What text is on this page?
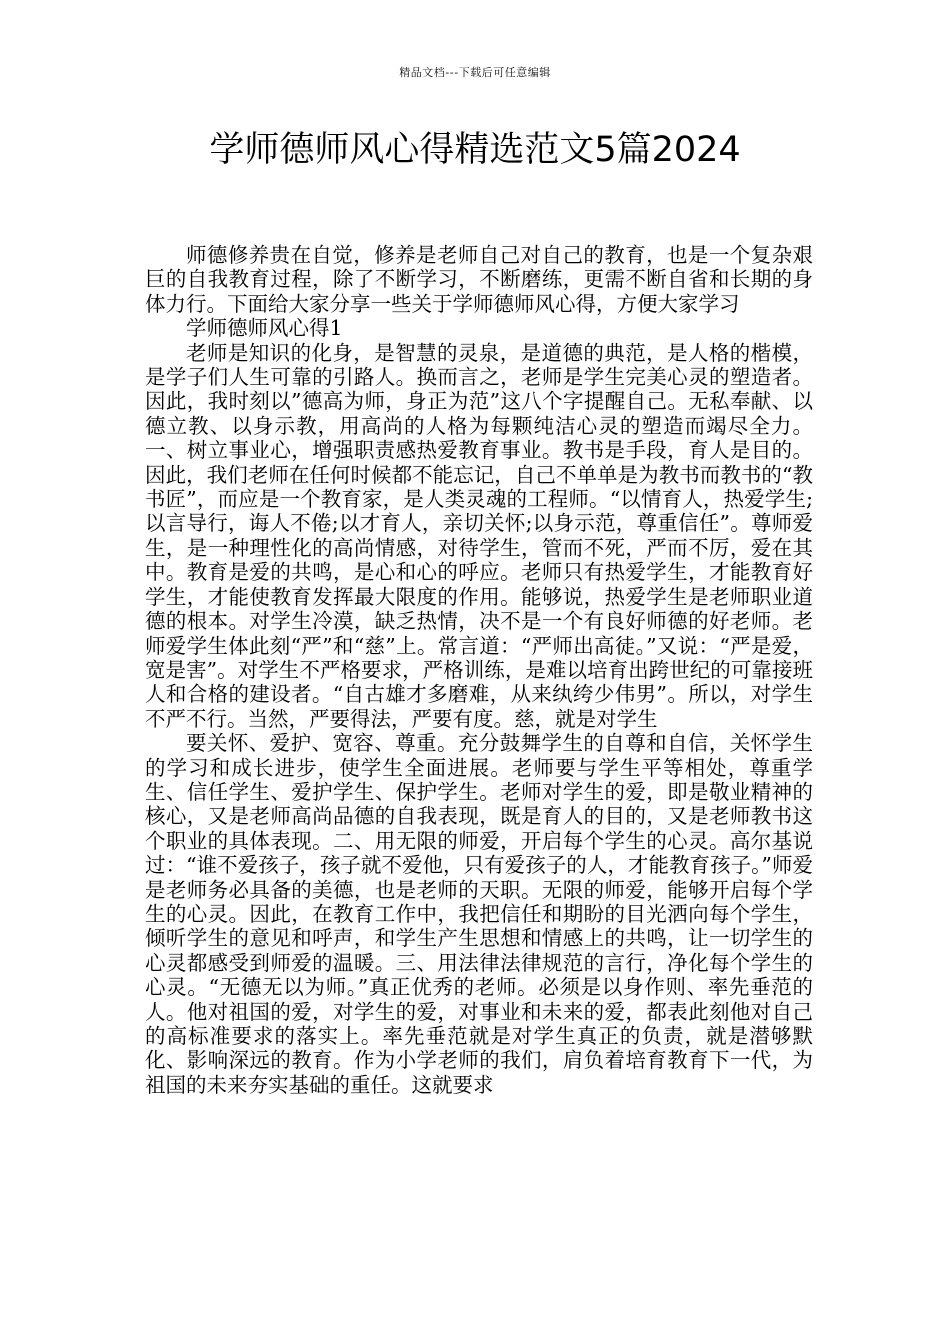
精品文档---下载后可任意编辑
学师德师风心得精选范文5篇2024

师德修养贵在自觉，修养是老师自己对自己的教育，也是一个复杂艰巨的自我教育过程，除了不断学习，不断磨练，更需不断自省和长期的身体力行。下面给大家分享一些关于学师德师风心得，方便大家学习

学师德师风心得1

老师是知识的化身，是智慧的灵泉，是道德的典范，是人格的楷模，是学子们人生可靠的引路人。换而言之，老师是学生完美心灵的塑造者。因此，我时刻以”德高为师，身正为范”这八个字提醒自己。无私奉献、以德立教、以身示教，用高尚的人格为每颗纯洁心灵的塑造而竭尽全力。一、树立事业心，增强职责感热爱教育事业。教书是手段，育人是目的。因此，我们老师在任何时候都不能忘记，自己不单单是为教书而教书的“教书匠”，而应是一个教育家，是人类灵魂的工程师。“以情育人，热爱学生;以言导行，诲人不倦;以才育人，亲切关怀;以身示范，尊重信任”。尊师爱生，是一种理性化的高尚情感，对待学生，管而不死，严而不厉，爱在其中。教育是爱的共鸣，是心和心的呼应。老师只有热爱学生，才能教育好学生，才能使教育发挥最大限度的作用。能够说，热爱学生是老师职业道德的根本。对学生冷漠，缺乏热情，决不是一个有良好师德的好老师。老师爱学生体此刻“严”和“慈”上。常言道：“严师出高徒。”又说：“严是爱，宽是害”。对学生不严格要求，严格训练，是难以培育出跨世纪的可靠接班人和合格的建设者。“自古雄才多磨难，从来纨绔少伟男”。所以，对学生不严不行。当然，严要得法，严要有度。慈，就是对学生

要关怀、爱护、宽容、尊重。充分鼓舞学生的自尊和自信，关怀学生的学习和成长进步，使学生全面进展。老师要与学生平等相处，尊重学生、信任学生、爱护学生、保护学生。老师对学生的爱，即是敬业精神的核心，又是老师高尚品德的自我表现，既是育人的目的，又是老师教书这个职业的具体表现。二、用无限的师爱，开启每个学生的心灵。高尔基说过：“谁不爱孩子，孩子就不爱他，只有爱孩子的人，才能教育孩子。”师爱是老师务必具备的美德，也是老师的天职。无限的师爱，能够开启每个学生的心灵。因此，在教育工作中，我把信任和期盼的目光洒向每个学生，倾听学生的意见和呼声，和学生产生思想和情感上的共鸣，让一切学生的心灵都感受到师爱的温暖。三、用法律法律规范的言行，净化每个学生的心灵。“无德无以为师。”真正优秀的老师。必须是以身作则、率先垂范的人。他对祖国的爱，对学生的爱，对事业和未来的爱，都表此刻他对自己的高标准要求的落实上。率先垂范就是对学生真正的负责，就是潜够默化、影响深远的教育。作为小学老师的我们，肩负着培育教育下一代，为祖国的未来夯实基础的重任。这就要求
